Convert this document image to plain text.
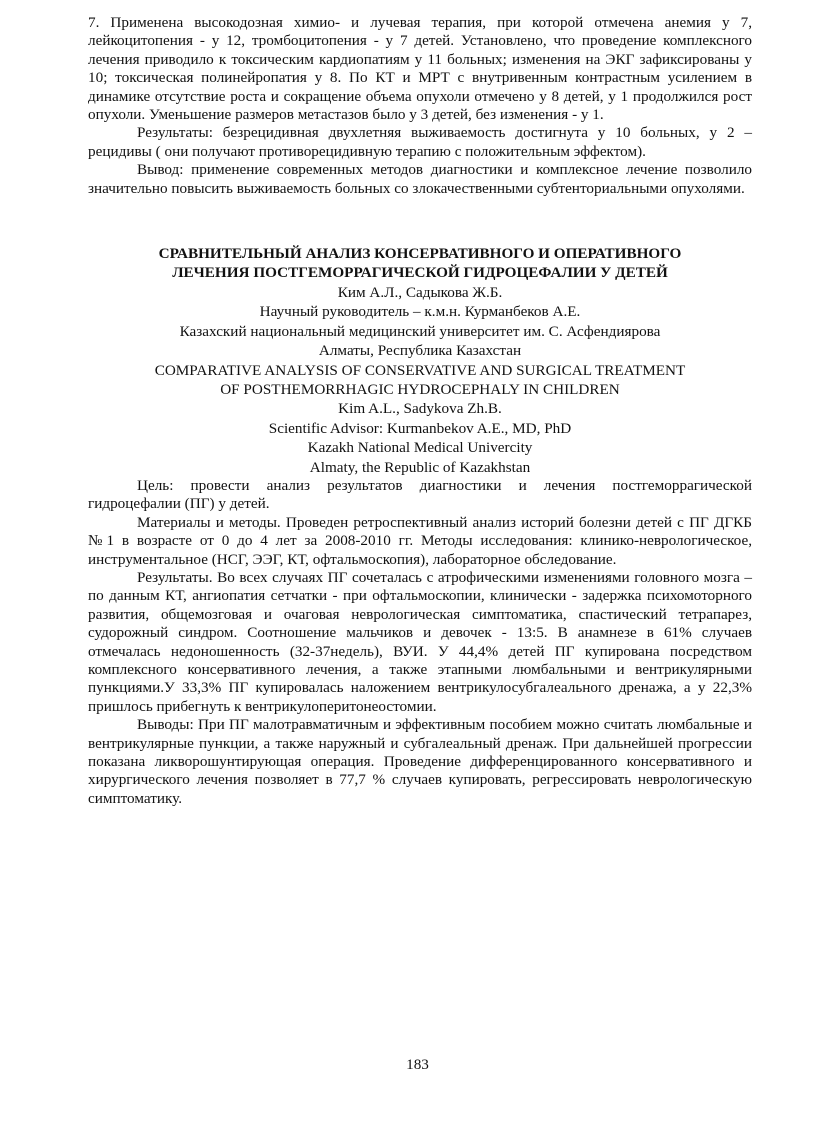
7. Применена высокодозная химио- и лучевая терапия, при которой отмечена анемия у 7, лейкоцитопения - у 12, тромбоцитопения - у 7 детей. Установлено, что проведение комплексного лечения приводило к токсическим кардиопатиям у 11 больных; изменения на ЭКГ зафиксированы у 10; токсическая полинейропатия у 8. По КТ и МРТ с внутривенным контрастным усилением в динамике отсутствие роста и сокращение объема опухоли отмечено у 8 детей, у 1 продолжился рост опухоли. Уменьшение размеров метастазов было у 3 детей, без изменения - у 1.

Результаты: безрецидивная двухлетняя выживаемость достигнута у 10 больных, у 2 – рецидивы ( они получают противорецидивную терапию с положительным эффектом).

Вывод: применение современных методов диагностики и комплексное лечение позволило значительно повысить выживаемость больных со злокачественными субтенториальными опухолями.

СРАВНИТЕЛЬНЫЙ АНАЛИЗ КОНСЕРВАТИВНОГО И ОПЕРАТИВНОГО

ЛЕЧЕНИЯ ПОСТГЕМОРРАГИЧЕСКОЙ ГИДРОЦЕФАЛИИ У ДЕТЕЙ

Ким А.Л., Садыкова Ж.Б.

Научный руководитель – к.м.н. Курманбеков А.Е.

Казахский национальный медицинский университет им. С. Асфендиярова

Алматы, Республика Казахстан

COMPARATIVE ANALYSIS OF CONSERVATIVE AND SURGICAL TREATMENT

OF POSTHEMORRHAGIC HYDROCEPHALY IN CHILDREN

Kim A.L., Sadykova Zh.B.

Scientific Advisor: Kurmanbekov A.E., MD, PhD

Kazakh National Medical Univercity

Almaty, the Republic of Kazakhstan

Цель: провести анализ результатов диагностики и лечения постгеморрагической гидроцефалии (ПГ) у детей.

Материалы и методы. Проведен ретроспективный анализ историй болезни детей с ПГ ДГКБ №1 в возрасте от 0 до 4 лет за 2008-2010 гг. Методы исследования: клинико-неврологическое, инструментальное (НСГ, ЭЭГ, КТ, офтальмоскопия), лабораторное обследование.

Результаты. Во всех случаях ПГ сочеталась с атрофическими изменениями головного мозга – по данным КТ, ангиопатия сетчатки - при офтальмоскопии, клинически - задержка психомоторного развития, общемозговая и очаговая неврологическая симптоматика, спастический тетрапарез, судорожный синдром. Соотношение мальчиков и девочек - 13:5. В анамнезе в 61% случаев отмечалась недоношенность (32-37недель), ВУИ. У 44,4% детей ПГ купирована посредством комплексного консервативного лечения, а также этапными люмбальными и вентрикулярными пункциями.У 33,3% ПГ купировалась наложением вентрикулосубгалеального дренажа, а у 22,3% пришлось прибегнуть к вентрикулоперитонеостомии.

Выводы: При ПГ малотравматичным и эффективным пособием можно считать люмбальные и вентрикулярные пункции, а также наружный и субгалеальный дренаж. При дальнейшей прогрессии показана ликворошунтирующая операция. Проведение дифференцированного консервативного и хирургического лечения позволяет в 77,7 % случаев купировать, регрессировать неврологическую симптоматику.

183
